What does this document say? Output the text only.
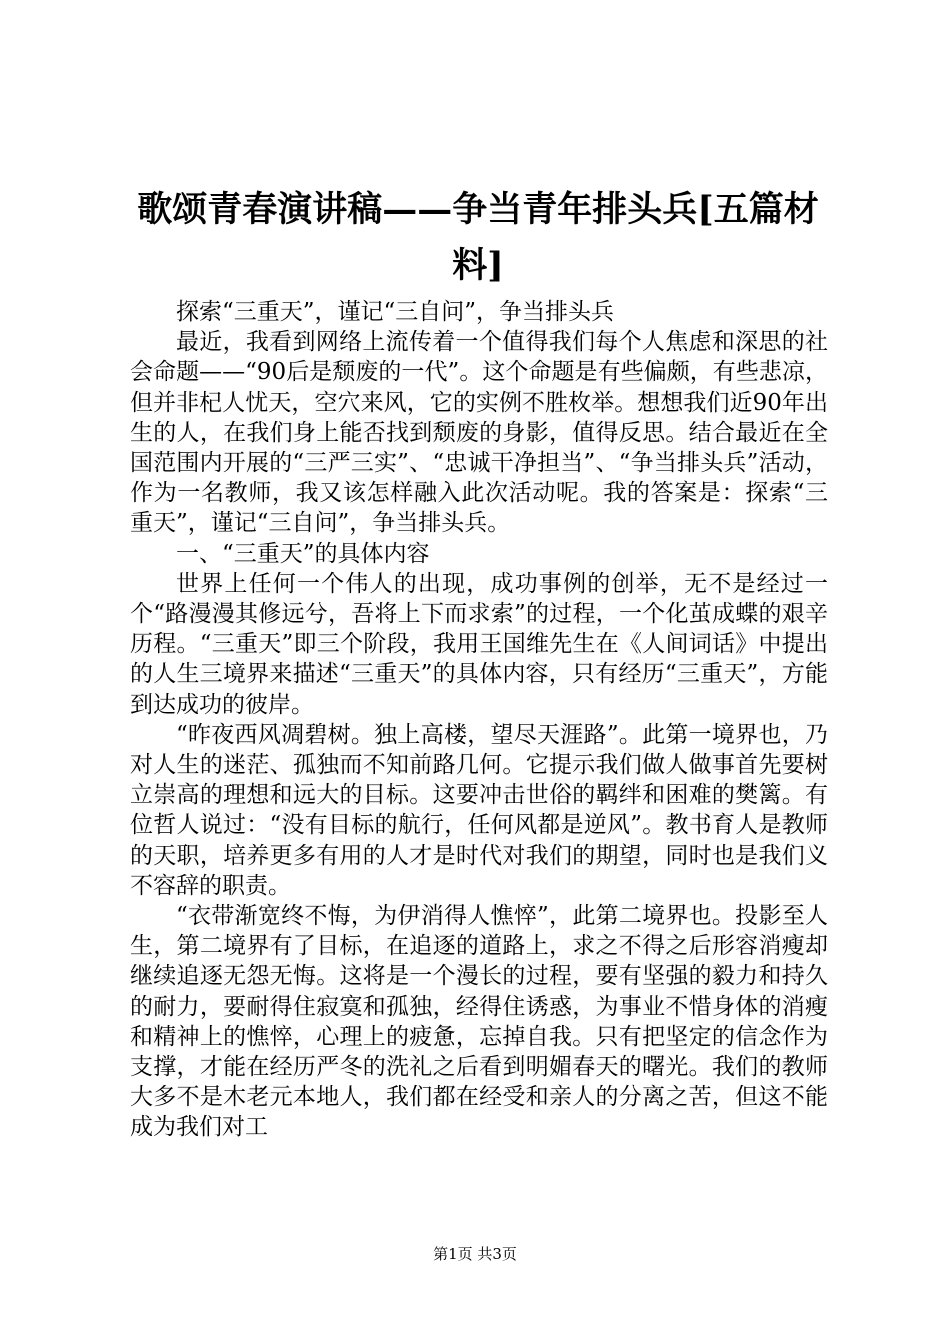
歌颂青春演讲稿——争当青年排头兵[五篇材料]

探索“三重天”，谨记“三自问”，争当排头兵

最近，我看到网络上流传着一个值得我们每个人焦虑和深思的社会命题——“90后是颓废的一代”。这个命题是有些偏颇，有些悲凉，但并非杞人忧天，空穴来风，它的实例不胜枚举。想想我们近90年出生的人，在我们身上能否找到颓废的身影，值得反思。结合最近在全国范围内开展的“三严三实”、“忠诚干净担当”、“争当排头兵”活动，作为一名教师，我又该怎样融入此次活动呢。我的答案是：探索“三重天”，谨记“三自问”，争当排头兵。

一、“三重天”的具体内容

世界上任何一个伟人的出现，成功事例的创举，无不是经过一个“路漫漫其修远兮，吾将上下而求索”的过程，一个化茧成蝶的艰辛历程。“三重天”即三个阶段，我用王国维先生在《人间词话》中提出的人生三境界来描述“三重天”的具体内容，只有经历“三重天”，方能到达成功的彼岸。

“昨夜西风凋碧树。独上高楼，望尽天涯路”。此第一境界也，乃对人生的迷茫、孤独而不知前路几何。它提示我们做人做事首先要树立崇高的理想和远大的目标。这要冲击世俗的羁绊和困难的樊篱。有位哲人说过：“没有目标的航行，任何风都是逆风”。教书育人是教师的天职，培养更多有用的人才是时代对我们的期望，同时也是我们义不容辞的职责。

“衣带渐宽终不悔，为伊消得人憔悴”，此第二境界也。投影至人生，第二境界有了目标，在追逐的道路上，求之不得之后形容消瘦却继续追逐无怨无悔。这将是一个漫长的过程，要有坚强的毅力和持久的耐力，要耐得住寂寞和孤独，经得住诱惑，为事业不惜身体的消瘦和精神上的憔悴，心理上的疲惫，忘掉自我。只有把坚定的信念作为支撑，才能在经历严冬的洗礼之后看到明媚春天的曙光。我们的教师大多不是木老元本地人，我们都在经受和亲人的分离之苦，但这不能成为我们对工

第1页 共3页
